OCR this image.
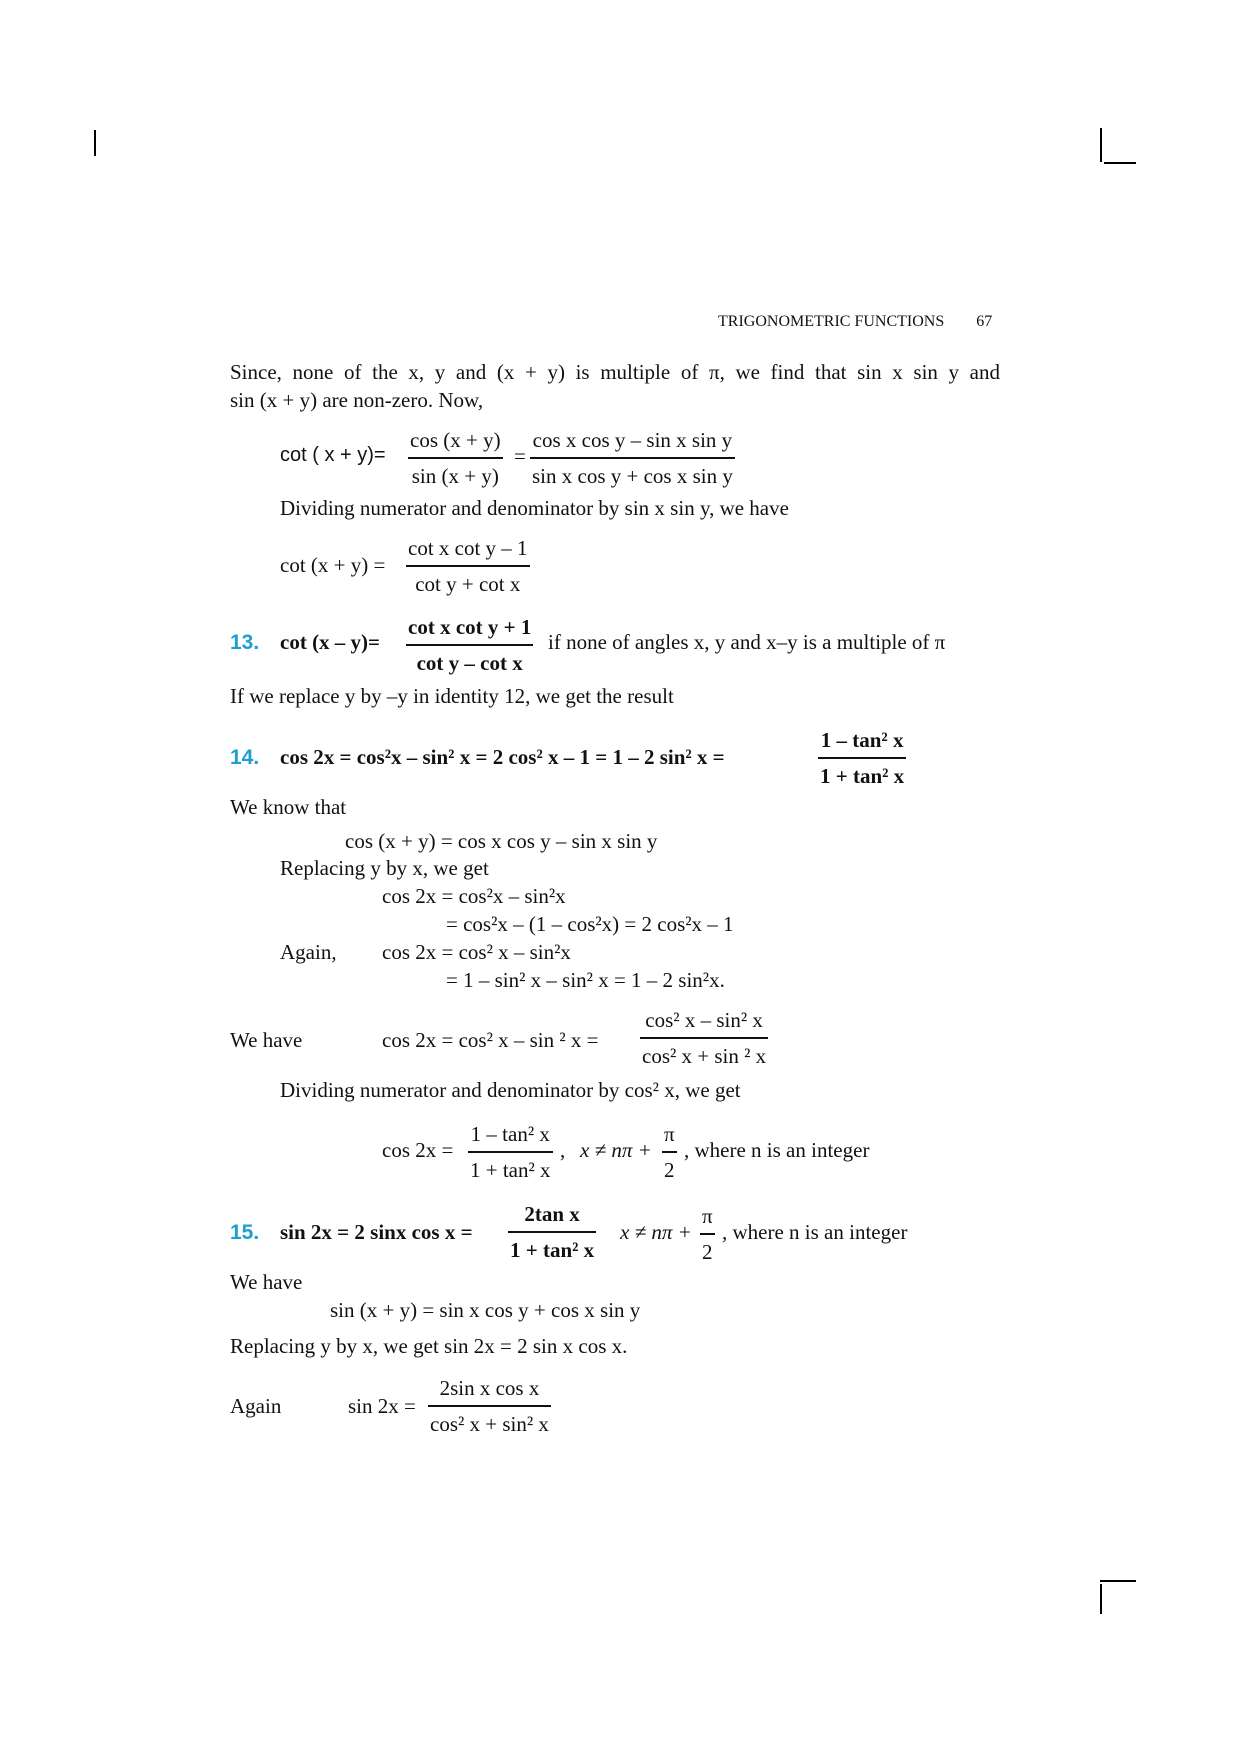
TRIGONOMETRIC FUNCTIONS 67
Since, none of the x, y and (x + y) is multiple of π, we find that sin x sin y and
sin (x + y) are non-zero. Now,
cot ( x + y)=
cos (x + y)
sin (x + y)
=
cos x cos y – sin x sin y
sin x cos y + cos x sin y
Dividing numerator and denominator by sin x sin y, we have
cot (x + y) =
cot x cot y – 1
cot y + cot x
13. cot (x – y)=
cot x cot y + 1
cot y – cot x
if none of angles x, y and x–y is a multiple of π
If we replace y by –y in identity 12, we get the result
14. cos 2x = cos²x – sin² x = 2 cos² x – 1 = 1 – 2 sin² x =
1 – tan² x
1 + tan² x
We know that
cos (x + y) = cos x cos y – sin x sin y
Replacing y by x, we get
cos 2x = cos²x – sin²x
= cos²x – (1 – cos²x) = 2 cos²x – 1
Again, cos 2x = cos² x – sin²x
= 1 – sin² x – sin² x = 1 – 2 sin²x.
We have	cos 2x = cos² x – sin ² x =
cos² x – sin² x
cos² x + sin ² x
Dividing numerator and denominator by cos² x, we get
cos 2x =
1 – tan² x
1 + tan² x
, x ≠ nπ +
π
2
, where n is an integer
15. sin 2x = 2 sinx cos x =
2tan x
1 + tan² x
x ≠ nπ +
π
2
, where n is an integer
We have
sin (x + y) = sin x cos y + cos x sin y
Replacing y by x, we get sin 2x = 2 sin x cos x.
Again	sin 2x =
2sin x cos x
cos² x + sin² x
